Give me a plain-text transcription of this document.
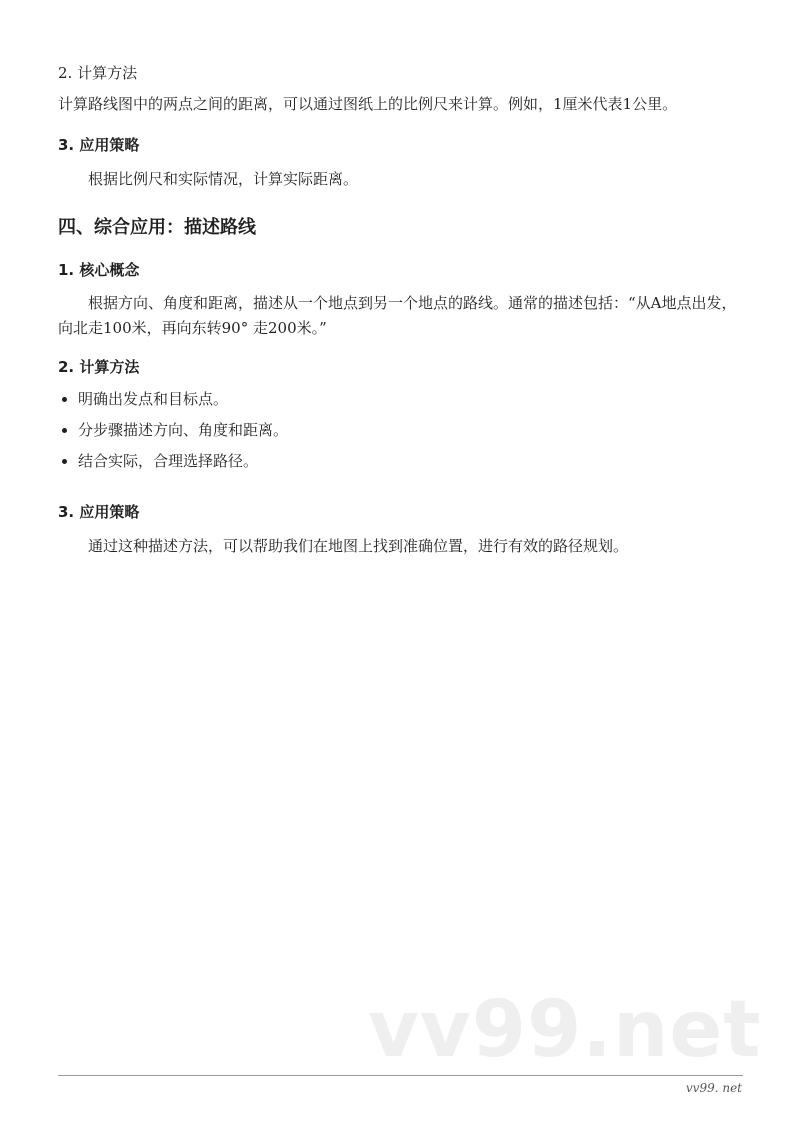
2. 计算方法

计算路线图中的两点之间的距离，可以通过图纸上的比例尺来计算。例如，1厘米代表1公里。

3. 应用策略

根据比例尺和实际情况，计算实际距离。

四、综合应用：描述路线
1. 核心概念

根据方向、角度和距离，描述从一个地点到另一个地点的路线。通常的描述包括：“从A地点出发，向北走100米，再向东转90° 走200米。”

2. 计算方法
明确出发点和目标点。
分步骤描述方向、角度和距离。
结合实际，合理选择路径。
3. 应用策略

通过这种描述方法，可以帮助我们在地图上找到准确位置，进行有效的路径规划。

vv99.net
vv99. net
